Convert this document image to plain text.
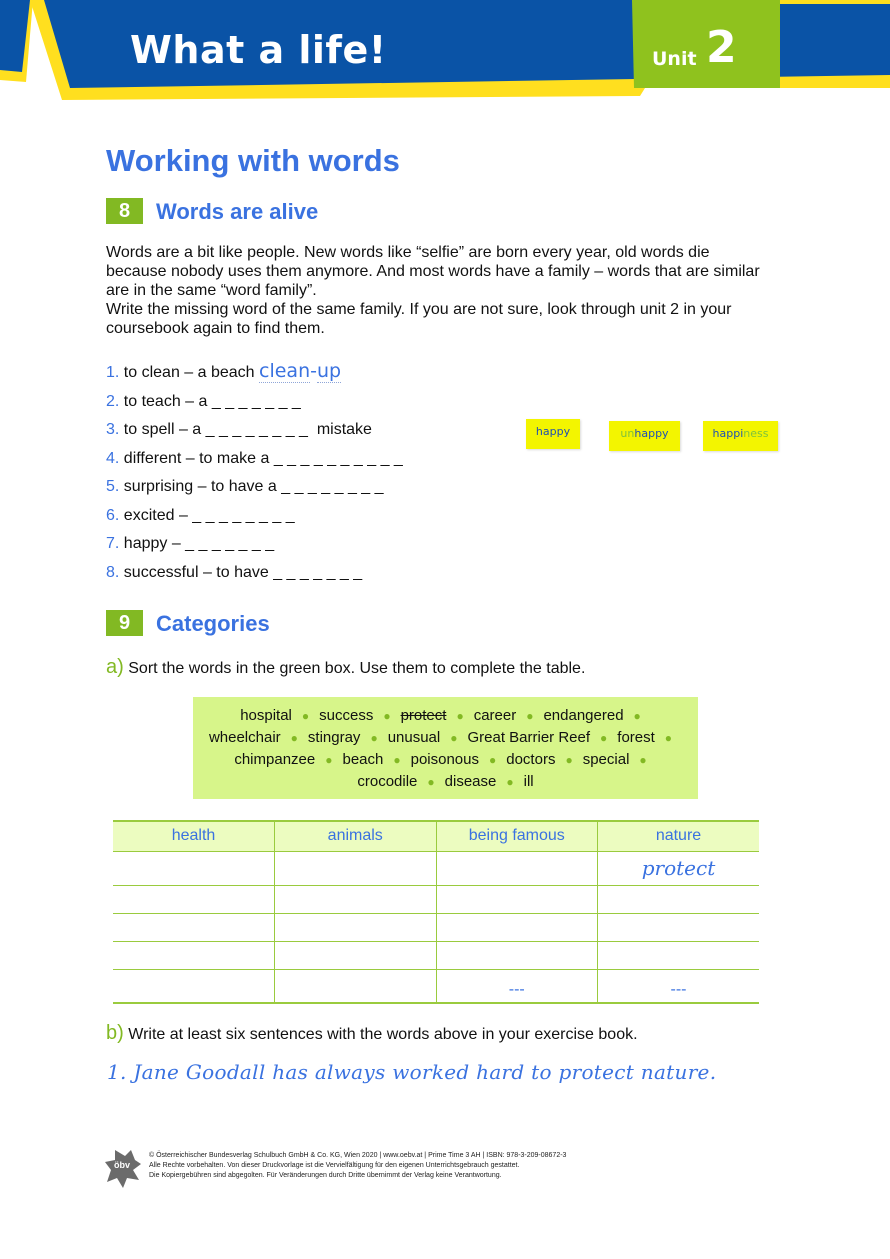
What a life!	Unit 2
Working with words
8	Words are alive

Words are a bit like people. New words like “selfie” are born every year, old words die

because nobody uses them anymore. And most words have a family – words that are similar

are in the same “word family”.

Write the missing word of the same family. If you are not sure, look through unit 2 in your

coursebook again to find them.

1. to clean – a beach clean-up
2. to teach – a _ _ _ _ _ _ _
3. to spell – a _ _ _ _ _ _ _ _  mistake
4. different – to make a _ _ _ _ _ _ _ _ _ _
5. surprising – to have a _ _ _ _ _ _ _ _
6. excited – _ _ _ _ _ _ _ _
7. happy – _ _ _ _ _ _ _
8. successful – to have _ _ _ _ _ _ _
happy	unhappy	happiness
9	Categories
a) Sort the words in the green box. Use them to complete the table.
hospital ● success ● protect ● career ● endangered ●
wheelchair ● stingray ● unusual ● Great Barrier Reef ● forest ●
chimpanzee ● beach ● poisonous ● doctors ● special ●
crocodile ● disease ● ill
health	animals	being famous	nature
			protect

		---	---
b) Write at least six sentences with the words above in your exercise book.
1. Jane Goodall has always worked hard to protect nature.
öbv
© Österreichischer Bundesverlag Schulbuch GmbH & Co. KG, Wien 2020 | www.oebv.at | Prime Time 3 AH | ISBN: 978-3-209-08672-3
Alle Rechte vorbehalten. Von dieser Druckvorlage ist die Vervielfältigung für den eigenen Unterrichtsgebrauch gestattet.
Die Kopiergebühren sind abgegolten. Für Veränderungen durch Dritte übernimmt der Verlag keine Verantwortung.
